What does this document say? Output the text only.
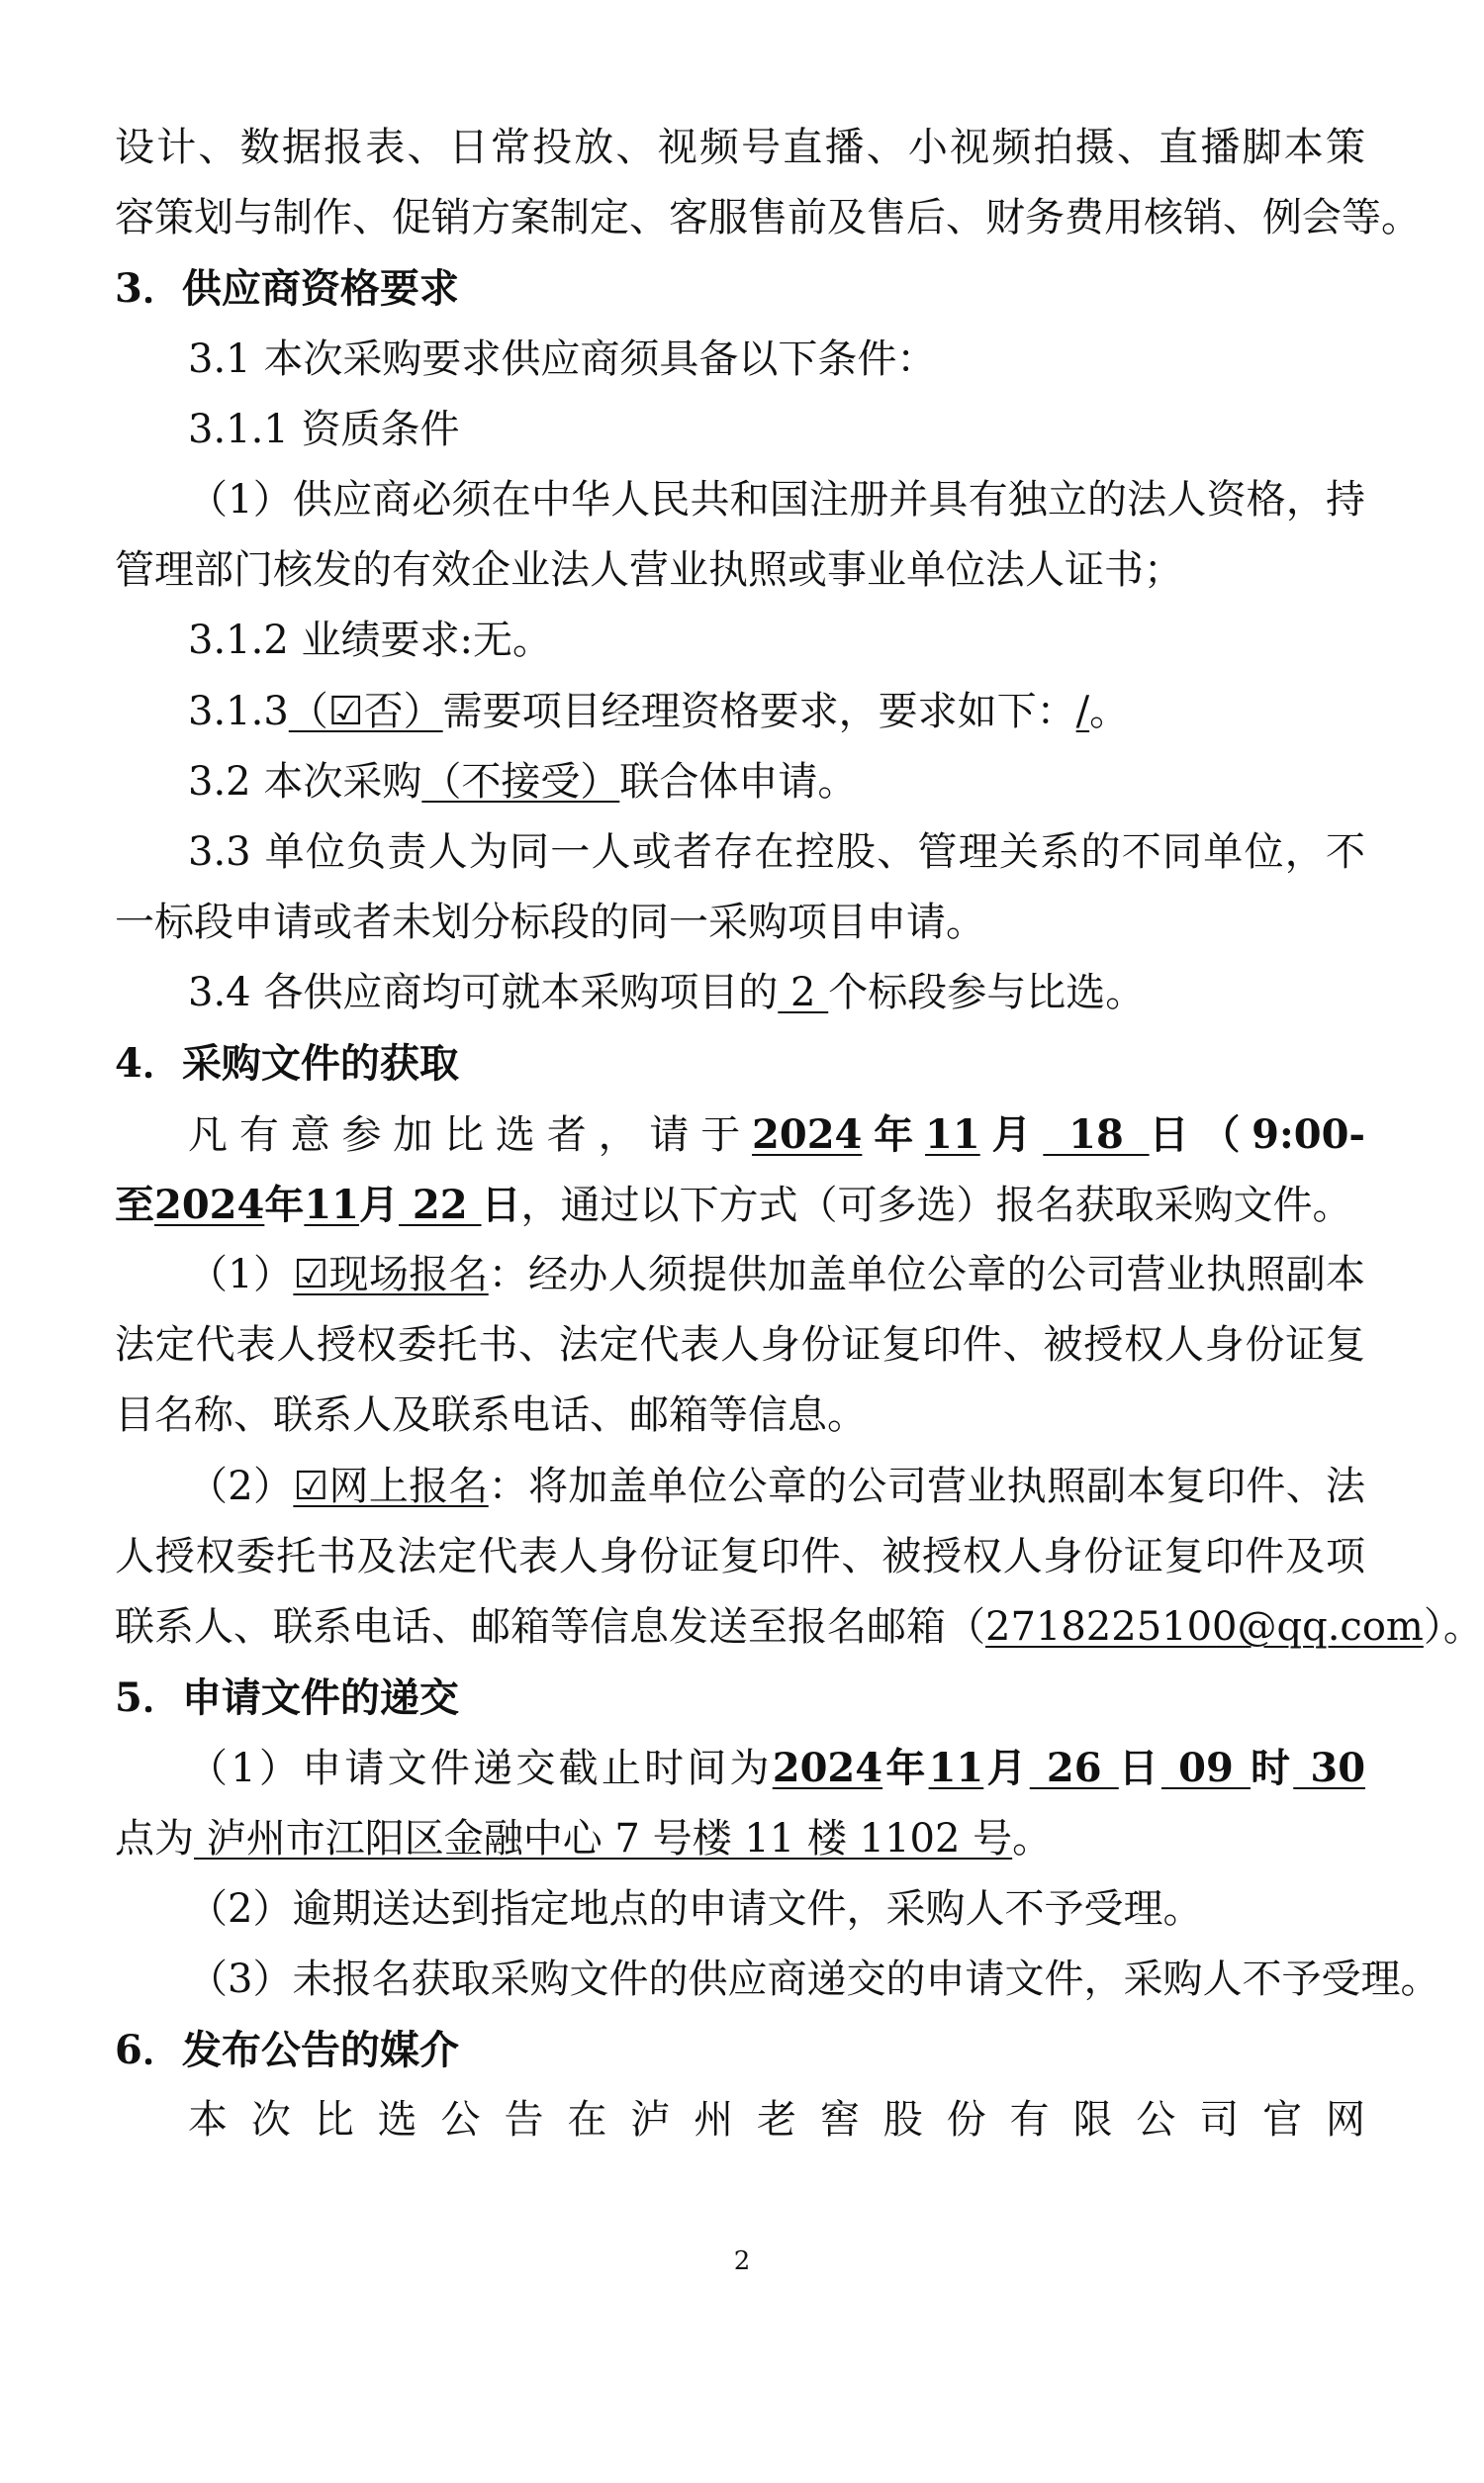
设计、数据报表、日常投放、视频号直播、小视频拍摄、直播脚本策
容策划与制作、促销方案制定、客服售前及售后、财务费用核销、例会等。
3．供应商资格要求
3.1 本次采购要求供应商须具备以下条件：
3.1.1 资质条件
（1）供应商必须在中华人民共和国注册并具有独立的法人资格，持
管理部门核发的有效企业法人营业执照或事业单位法人证书；
3.1.2 业绩要求:无。
3.1.3（☑否）需要项目经理资格要求，要求如下：/。
3.2 本次采购（不接受）联合体申请。
3.3 单位负责人为同一人或者存在控股、管理关系的不同单位，不
一标段申请或者未划分标段的同一采购项目申请。
3.4 各供应商均可就本采购项目的 2 个标段参与比选。
4．采购文件的获取
凡有意参加比选者，请于2024年11月 18 日（9:00-
至2024年11月 22 日，通过以下方式（可多选）报名获取采购文件。
（1）☑现场报名：经办人须提供加盖单位公章的公司营业执照副本
法定代表人授权委托书、法定代表人身份证复印件、被授权人身份证复
目名称、联系人及联系电话、邮箱等信息。
（2）☑网上报名：将加盖单位公章的公司营业执照副本复印件、法
人授权委托书及法定代表人身份证复印件、被授权人身份证复印件及项
联系人、联系电话、邮箱等信息发送至报名邮箱（2718225100@qq.com）。
5．申请文件的递交
（1）申请文件递交截止时间为2024年11月 26 日 09 时 30
点为 泸州市江阳区金融中心 7 号楼 11 楼 1102 号。
（2）逾期送达到指定地点的申请文件，采购人不予受理。
（3）未报名获取采购文件的供应商递交的申请文件，采购人不予受理。
6．发布公告的媒介
本次比选公告在泸州老窖股份有限公司官网
2
